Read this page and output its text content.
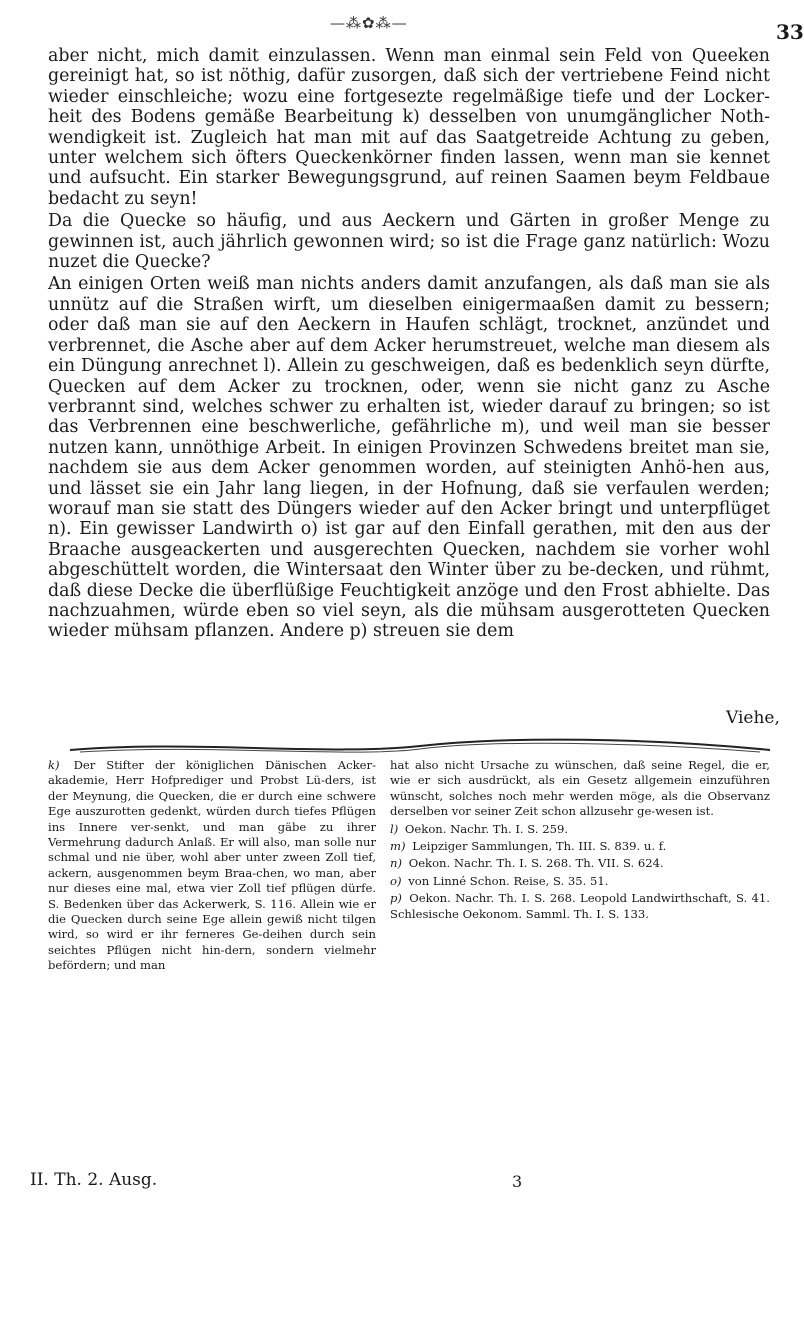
—⁂✿⁂—	33

aber nicht, mich damit einzulassen. Wenn man einmal sein Feld von Queeken gereinigt hat, so ist nöthig, dafür zusorgen, daß sich der vertriebene Feind nicht wieder einschleiche; wozu eine fortgesezte regelmäßige tiefe und der Locker-heit des Bodens gemäße Bearbeitung k) desselben von unumgänglicher Noth-wendigkeit ist. Zugleich hat man mit auf das Saatgetreide Achtung zu geben, unter welchem sich öfters Queckenkörner finden lassen, wenn man sie kennet und aufsucht. Ein starker Bewegungsgrund, auf reinen Saamen beym Feldbaue bedacht zu seyn!

Da die Quecke so häufig, und aus Aeckern und Gärten in großer Menge zu gewinnen ist, auch jährlich gewonnen wird; so ist die Frage ganz natürlich: Wozu nuzet die Quecke?

An einigen Orten weiß man nichts anders damit anzufangen, als daß man sie als unnütz auf die Straßen wirft, um dieselben einigermaaßen damit zu bessern; oder daß man sie auf den Aeckern in Haufen schlägt, trocknet, anzündet und verbrennet, die Asche aber auf dem Acker herumstreuet, welche man diesem als ein Düngung anrechnet l). Allein zu geschweigen, daß es bedenklich seyn dürfte, Quecken auf dem Acker zu trocknen, oder, wenn sie nicht ganz zu Asche verbrannt sind, welches schwer zu erhalten ist, wieder darauf zu bringen; so ist das Verbrennen eine beschwerliche, gefährliche m), und weil man sie besser nutzen kann, unnöthige Arbeit. In einigen Provinzen Schwedens breitet man sie, nachdem sie aus dem Acker genommen worden, auf steinigten Anhö-hen aus, und lässet sie ein Jahr lang liegen, in der Hofnung, daß sie verfaulen werden; worauf man sie statt des Düngers wieder auf den Acker bringt und unterpflüget n). Ein gewisser Landwirth o) ist gar auf den Einfall gerathen, mit den aus der Braache ausgeackerten und ausgerechten Quecken, nachdem sie vorher wohl abgeschüttelt worden, die Wintersaat den Winter über zu be-decken, und rühmt, daß diese Decke die überflüßige Feuchtigkeit anzöge und den Frost abhielte. Das nachzuahmen, würde eben so viel seyn, als die mühsam ausgerotteten Quecken wieder mühsam pflanzen. Andere p) streuen sie dem

Viehe,

k) Der Stifter der königlichen Dänischen Acker-akademie, Herr Hofprediger und Probst Lü-ders, ist der Meynung, die Quecken, die er durch eine schwere Ege auszurotten gedenkt, würden durch tiefes Pflügen ins Innere ver-senkt, und man gäbe zu ihrer Vermehrung dadurch Anlaß. Er will also, man solle nur schmal und nie über, wohl aber unter zween Zoll tief, ackern, ausgenommen beym Braa-chen, wo man, aber nur dieses eine mal, etwa vier Zoll tief pflügen dürfe. S. Bedenken über das Ackerwerk, S. 116. Allein wie er die Quecken durch seine Ege allein gewiß nicht tilgen wird, so wird er ihr ferneres Ge-deihen durch sein seichtes Pflügen nicht hin-dern, sondern vielmehr befördern; und man

hat also nicht Ursache zu wünschen, daß seine Regel, die er, wie er sich ausdrückt, als ein Gesetz allgemein einzuführen wünscht, solches noch mehr werden möge, als die Observanz derselben vor seiner Zeit schon allzusehr ge-wesen ist.

l) Oekon. Nachr. Th. I. S. 259.

m) Leipziger Sammlungen, Th. III. S. 839. u. f.

n) Oekon. Nachr. Th. I. S. 268. Th. VII. S. 624.

o) von Linné Schon. Reise, S. 35. 51.

p) Oekon. Nachr. Th. I. S. 268. Leopold Landwirthschaft, S. 41. Schlesische Oekonom. Samml. Th. I. S. 133.

II. Th. 2. Ausg.	3
